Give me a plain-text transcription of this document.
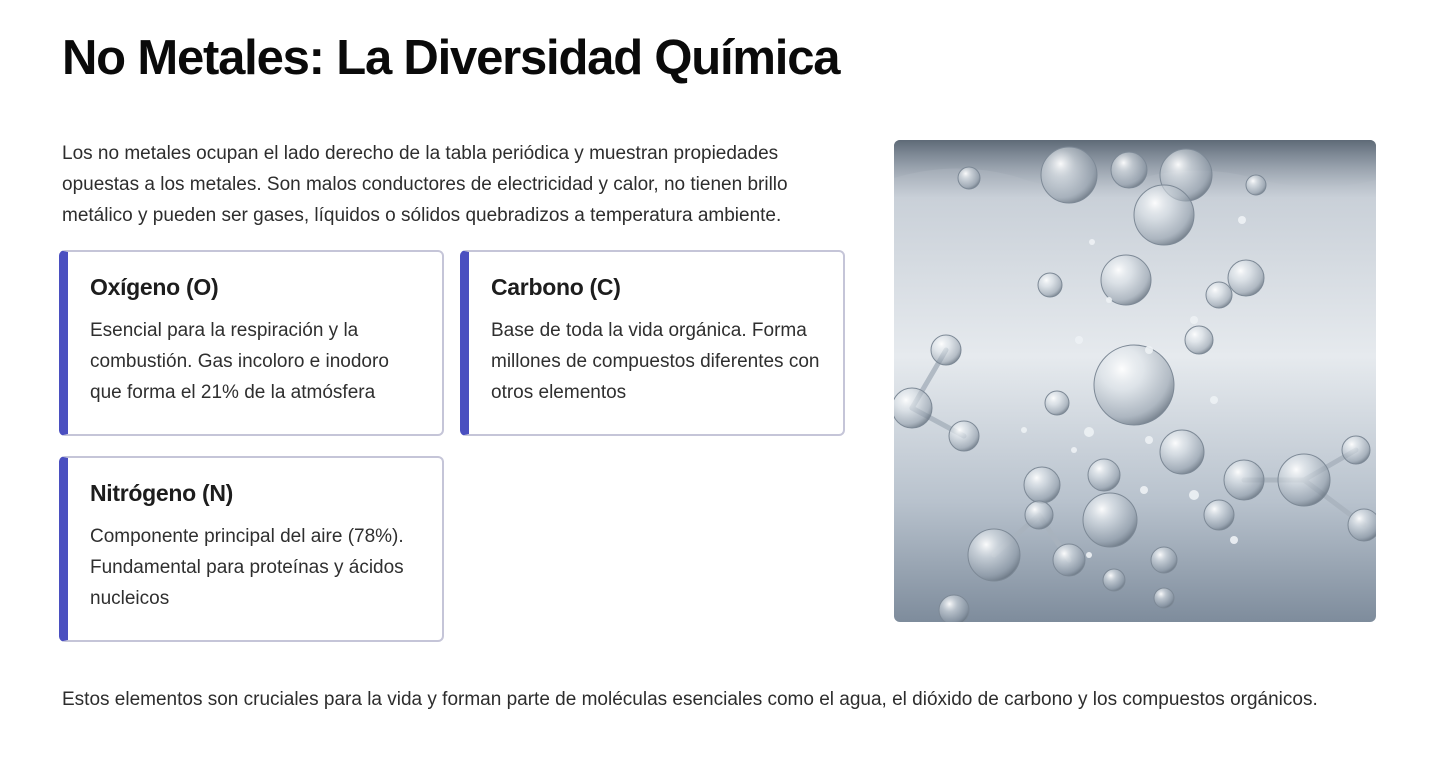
No Metales: La Diversidad Química

Los no metales ocupan el lado derecho de la tabla periódica y muestran propiedades opuestas a los metales. Son malos conductores de electricidad y calor, no tienen brillo metálico y pueden ser gases, líquidos o sólidos quebradizos a temperatura ambiente.

Oxígeno (O)

Esencial para la respiración y la combustión. Gas incoloro e inodoro que forma el 21% de la atmósfera

Carbono (C)

Base de toda la vida orgánica. Forma millones de compuestos diferentes con otros elementos

Nitrógeno (N)

Componente principal del aire (78%). Fundamental para proteínas y ácidos nucleicos

Estos elementos son cruciales para la vida y forman parte de moléculas esenciales como el agua, el dióxido de carbono y los compuestos orgánicos.
